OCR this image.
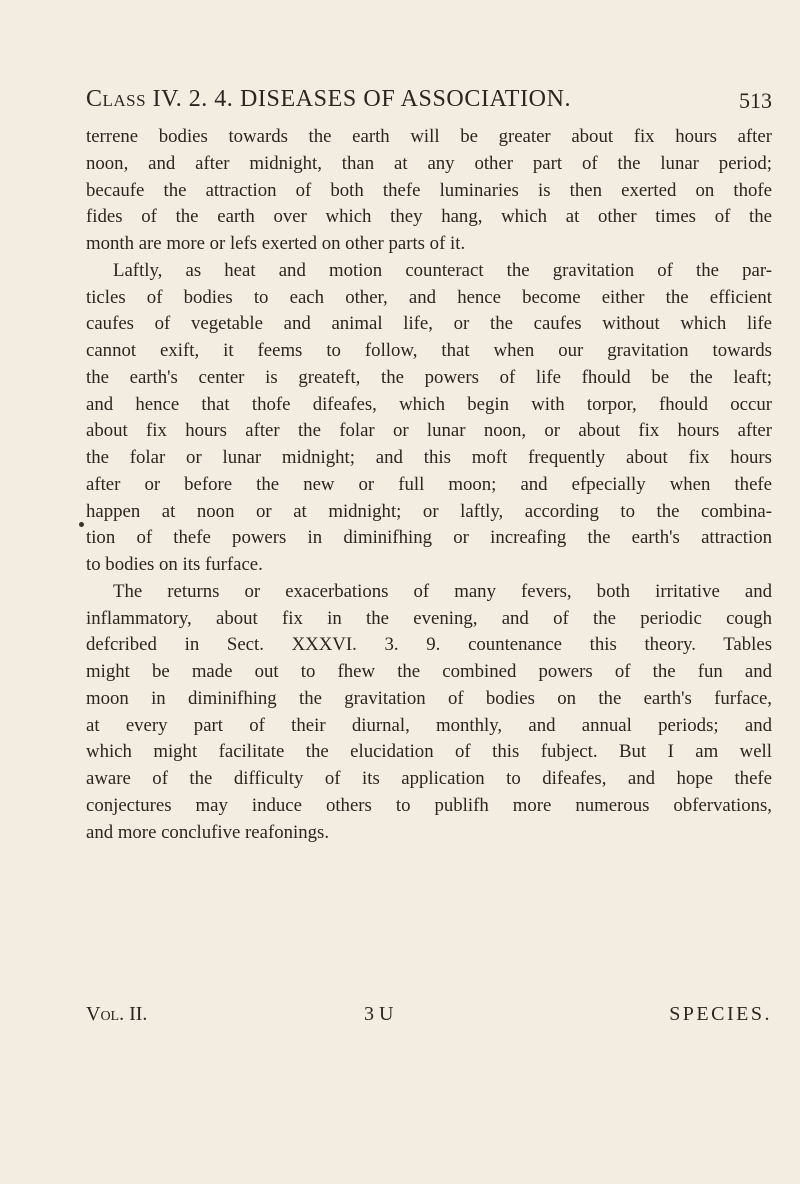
Class IV. 2. 4. DISEASES OF ASSOCIATION.	513
terrene bodies towards the earth will be greater about fix hours after
noon, and after midnight, than at any other part of the lunar period;
becaufe the attraction of both thefe luminaries is then exerted on thofe
fides of the earth over which they hang, which at other times of the
month are more or lefs exerted on other parts of it.
Laftly, as heat and motion counteract the gravitation of the par-
ticles of bodies to each other, and hence become either the efficient
caufes of vegetable and animal life, or the caufes without which life
cannot exift, it feems to follow, that when our gravitation towards
the earth's center is greateft, the powers of life fhould be the leaft;
and hence that thofe difeafes, which begin with torpor, fhould occur
about fix hours after the folar or lunar noon, or about fix hours after
the folar or lunar midnight; and this moft frequently about fix hours
after or before the new or full moon; and efpecially when thefe
happen at noon or at midnight; or laftly, according to the combina-
tion of thefe powers in diminifhing or increafing the earth's attraction
to bodies on its furface.
The returns or exacerbations of many fevers, both irritative and
inflammatory, about fix in the evening, and of the periodic cough
defcribed in Sect. XXXVI. 3. 9. countenance this theory. Tables
might be made out to fhew the combined powers of the fun and
moon in diminifhing the gravitation of bodies on the earth's furface,
at every part of their diurnal, monthly, and annual periods; and
which might facilitate the elucidation of this fubject. But I am well
aware of the difficulty of its application to difeafes, and hope thefe
conjectures may induce others to publifh more numerous obfervations,
and more conclufive reafonings.
Vol. II.	3 U	SPECIES.
